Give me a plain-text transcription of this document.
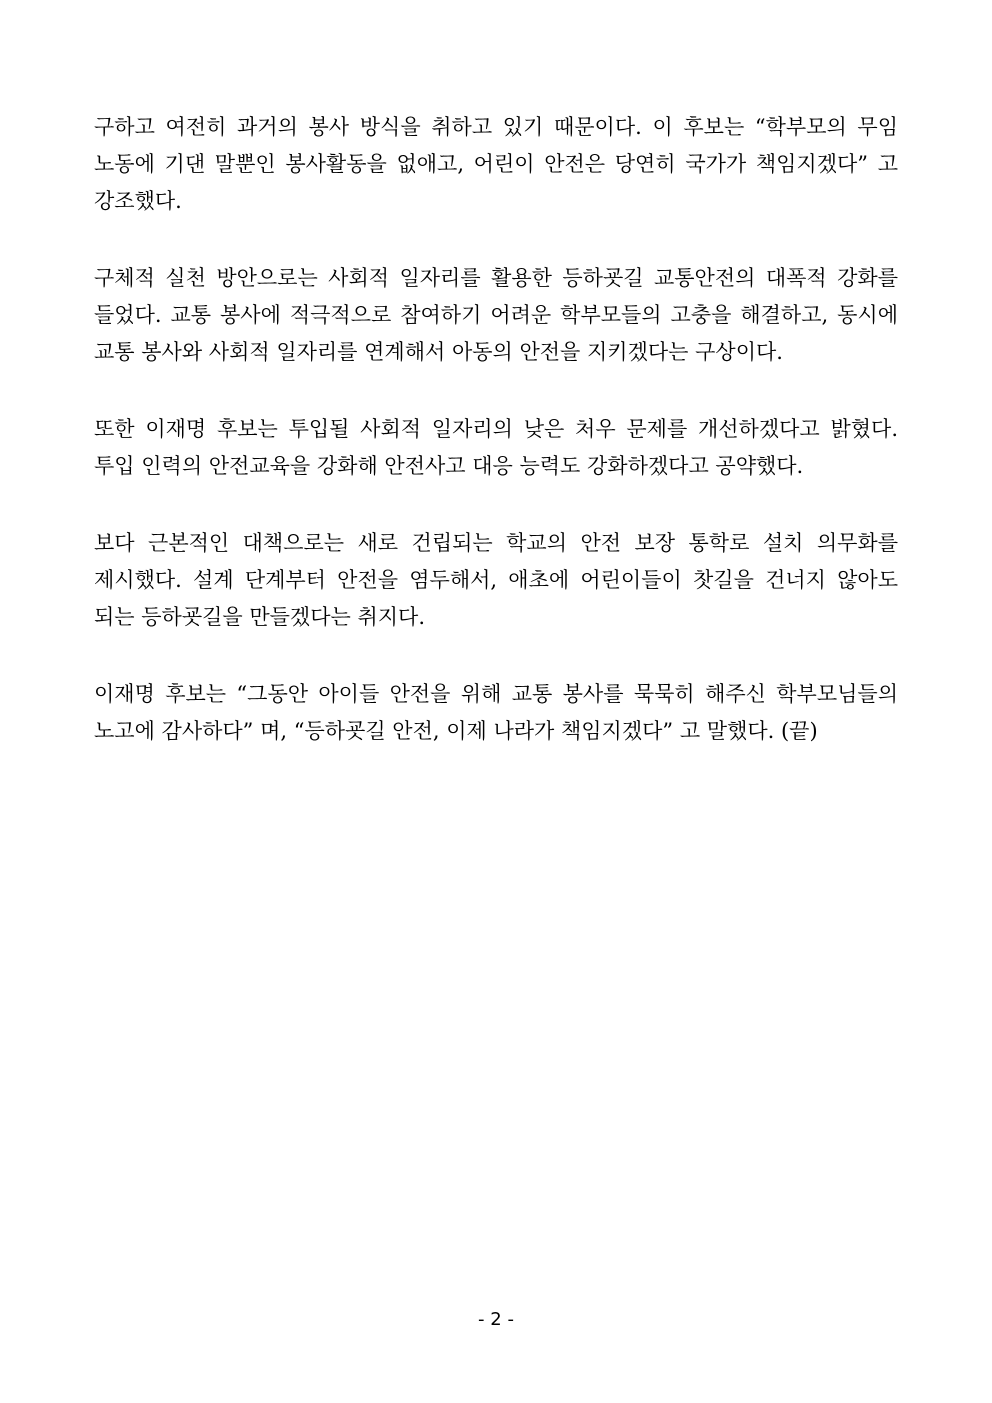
구하고 여전히 과거의 봉사 방식을 취하고 있기 때문이다. 이 후보는 “학부모의 무임 노동에 기댄 말뿐인 봉사활동을 없애고, 어린이 안전은 당연히 국가가 책임지겠다” 고 강조했다.

구체적 실천 방안으로는 사회적 일자리를 활용한 등하굣길 교통안전의 대폭적 강화를 들었다. 교통 봉사에 적극적으로 참여하기 어려운 학부모들의 고충을 해결하고, 동시에 교통 봉사와 사회적 일자리를 연계해서 아동의 안전을 지키겠다는 구상이다.

또한 이재명 후보는 투입될 사회적 일자리의 낮은 처우 문제를 개선하겠다고 밝혔다. 투입 인력의 안전교육을 강화해 안전사고 대응 능력도 강화하겠다고 공약했다.

보다 근본적인 대책으로는 새로 건립되는 학교의 안전 보장 통학로 설치 의무화를 제시했다. 설계 단계부터 안전을 염두해서, 애초에 어린이들이 찻길을 건너지 않아도 되는 등하굣길을 만들겠다는 취지다.

이재명 후보는 “그동안 아이들 안전을 위해 교통 봉사를 묵묵히 해주신 학부모님들의 노고에 감사하다” 며, “등하굣길 안전, 이제 나라가 책임지겠다” 고 말했다. (끝)

- 2 -
